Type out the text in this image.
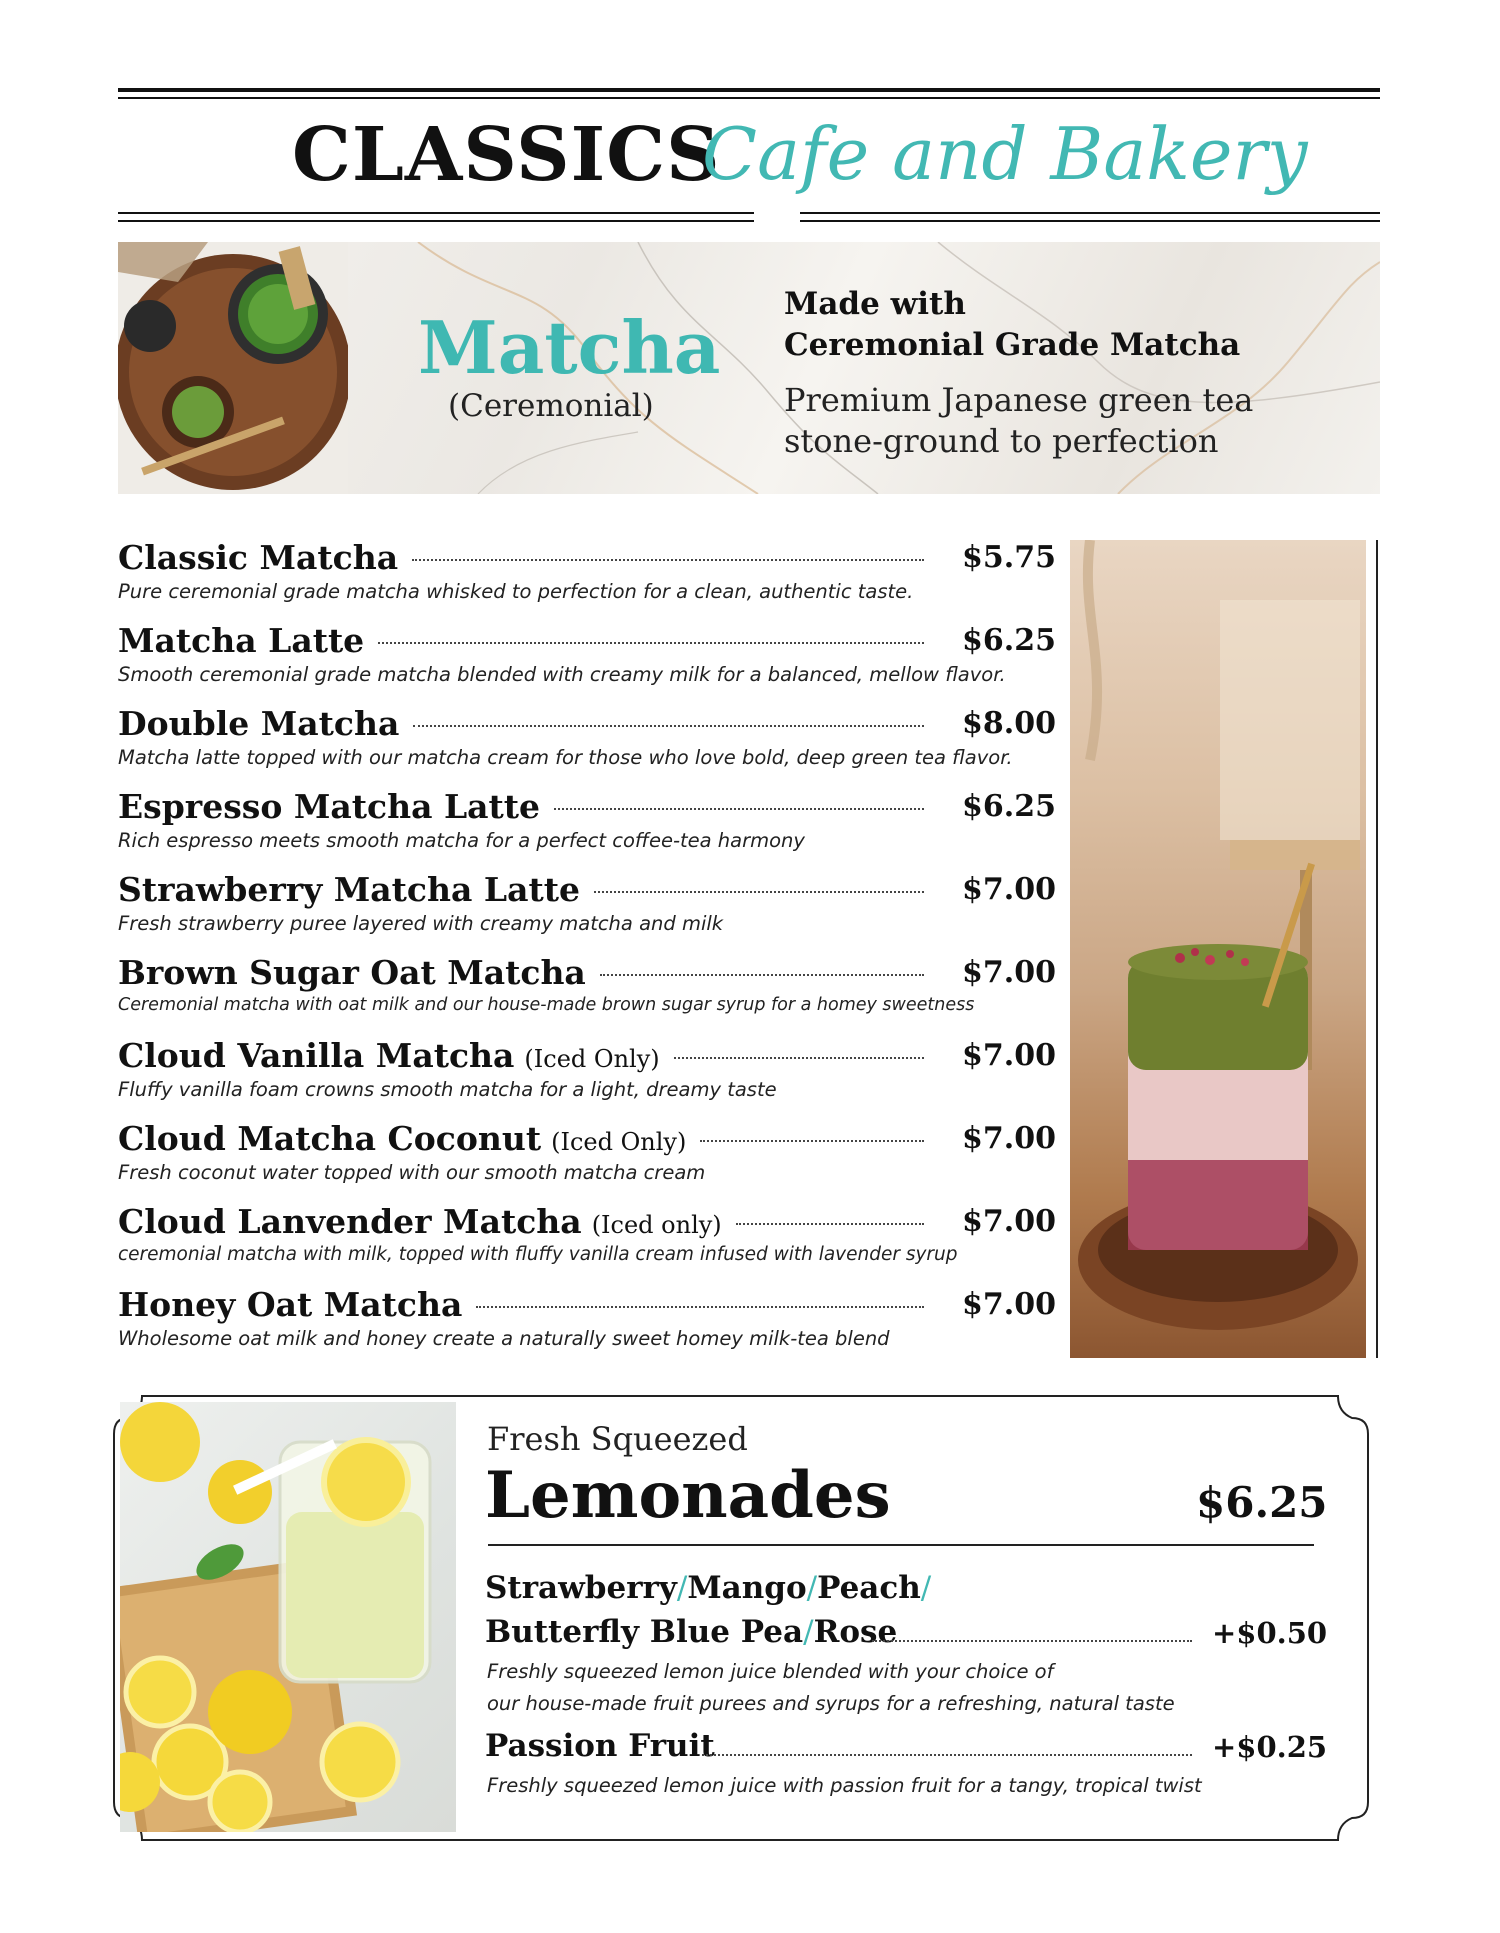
CLASSICS
Cafe and Bakery
Matcha
(Ceremonial)
Made with
Ceremonial Grade Matcha
Premium Japanese green tea
stone-ground to perfection
Classic Matcha	$5.75
Pure ceremonial grade matcha whisked to perfection for a clean, authentic taste.
Matcha Latte	$6.25
Smooth ceremonial grade matcha blended with creamy milk for a balanced, mellow flavor.
Double Matcha	$8.00
Matcha latte topped with our matcha cream for those who love bold, deep green tea flavor.
Espresso Matcha Latte	$6.25
Rich espresso meets smooth matcha for a perfect coffee-tea harmony
Strawberry Matcha Latte	$7.00
Fresh strawberry puree layered with creamy matcha and milk
Brown Sugar Oat Matcha	$7.00
Ceremonial matcha with oat milk and our house-made brown sugar syrup for a homey sweetness
Cloud Vanilla Matcha (Iced Only)	$7.00
Fluffy vanilla foam crowns smooth matcha for a light, dreamy taste
Cloud Matcha Coconut (Iced Only)	$7.00
Fresh coconut water topped with our smooth matcha cream
Cloud Lanvender Matcha (Iced only)	$7.00
ceremonial matcha with milk, topped with fluffy vanilla cream infused with lavender syrup
Honey Oat Matcha	$7.00
Wholesome oat milk and honey create a naturally sweet homey milk-tea blend
Fresh Squeezed
Lemonades	$6.25
Strawberry/Mango/Peach/
Butterfly Blue Pea/Rose	+$0.50
Freshly squeezed lemon juice blended with your choice of
our house-made fruit purees and syrups for a refreshing, natural taste
Passion Fruit	+$0.25
Freshly squeezed lemon juice with passion fruit for a tangy, tropical twist
